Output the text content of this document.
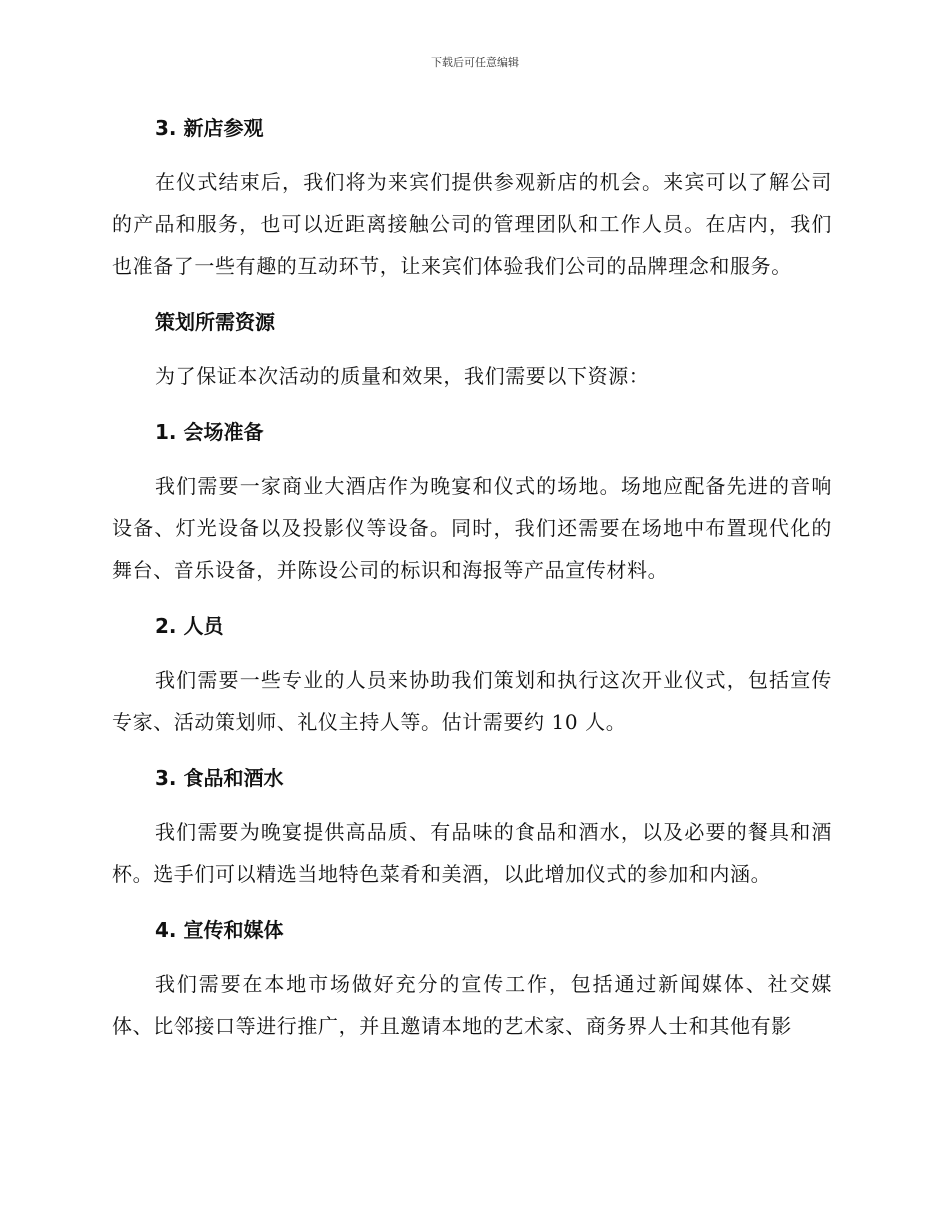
下载后可任意编辑
3. 新店参观

在仪式结束后，我们将为来宾们提供参观新店的机会。来宾可以了解公司的产品和服务，也可以近距离接触公司的管理团队和工作人员。在店内，我们也准备了一些有趣的互动环节，让来宾们体验我们公司的品牌理念和服务。

策划所需资源

为了保证本次活动的质量和效果，我们需要以下资源：

1. 会场准备

我们需要一家商业大酒店作为晚宴和仪式的场地。场地应配备先进的音响设备、灯光设备以及投影仪等设备。同时，我们还需要在场地中布置现代化的舞台、音乐设备，并陈设公司的标识和海报等产品宣传材料。

2. 人员

我们需要一些专业的人员来协助我们策划和执行这次开业仪式，包括宣传专家、活动策划师、礼仪主持人等。估计需要约 10 人。

3. 食品和酒水

我们需要为晚宴提供高品质、有品味的食品和酒水，以及必要的餐具和酒杯。选手们可以精选当地特色菜肴和美酒，以此增加仪式的参加和内涵。

4. 宣传和媒体

我们需要在本地市场做好充分的宣传工作，包括通过新闻媒体、社交媒体、比邻接口等进行推广，并且邀请本地的艺术家、商务界人士和其他有影
